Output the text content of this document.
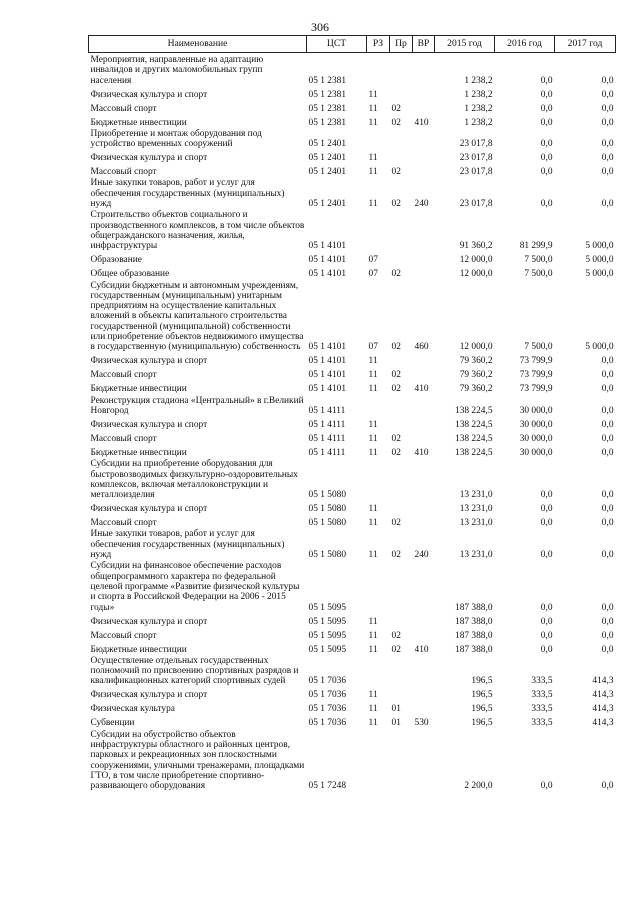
306
Наименование	ЦСТ	РЗ	Пр	ВР	2015 год	2016 год	2017 год
Мероприятия, направленные на адаптацию инвалидов и других маломобильных групп населения	05 1 2381				1 238,2	0,0	0,0
Физическая культура и спорт	05 1 2381	11			1 238,2	0,0	0,0
Массовый спорт	05 1 2381	11	02		1 238,2	0,0	0,0
Бюджетные инвестиции	05 1 2381	11	02	410	1 238,2	0,0	0,0
Приобретение и монтаж оборудования под устройство временных сооружений	05 1 2401				23 017,8	0,0	0,0
Физическая культура и спорт	05 1 2401	11			23 017,8	0,0	0,0
Массовый спорт	05 1 2401	11	02		23 017,8	0,0	0,0
Иные закупки товаров, работ и услуг для обеспечения государственных (муниципальных) нужд	05 1 2401	11	02	240	23 017,8	0,0	0,0
Строительство объектов социального и производственного комплексов, в том числе объектов общегражданского назначения, жилья, инфраструктуры	05 1 4101				91 360,2	81 299,9	5 000,0
Образование	05 1 4101	07			12 000,0	7 500,0	5 000,0
Общее образование	05 1 4101	07	02		12 000,0	7 500,0	5 000,0
Субсидии бюджетным и автономным учреждениям, государственным (муниципальным) унитарным предприятиям на осуществление капитальных вложений в объекты капитального строительства государственной (муниципальной) собственности или приобретение объектов недвижимого имущества в государственную (муниципальную) собственность	05 1 4101	07	02	460	12 000,0	7 500,0	5 000,0
Физическая культура и спорт	05 1 4101	11			79 360,2	73 799,9	0,0
Массовый спорт	05 1 4101	11	02		79 360,2	73 799,9	0,0
Бюджетные инвестиции	05 1 4101	11	02	410	79 360,2	73 799,9	0,0
Реконструкция стадиона «Центральный» в г.Великий Новгород	05 1 4111				138 224,5	30 000,0	0,0
Физическая культура и спорт	05 1 4111	11			138 224,5	30 000,0	0,0
Массовый спорт	05 1 4111	11	02		138 224,5	30 000,0	0,0
Бюджетные инвестиции	05 1 4111	11	02	410	138 224,5	30 000,0	0,0
Субсидии на приобретение оборудования для быстровозводимых физкультурно-оздоровительных комплексов, включая металлоконструкции и металлоизделия	05 1 5080				13 231,0	0,0	0,0
Физическая культура и спорт	05 1 5080	11			13 231,0	0,0	0,0
Массовый спорт	05 1 5080	11	02		13 231,0	0,0	0,0
Иные закупки товаров, работ и услуг для обеспечения государственных (муниципальных) нужд	05 1 5080	11	02	240	13 231,0	0,0	0,0
Субсидии на финансовое обеспечение расходов общепрограммного характера по федеральной целевой программе «Развитие физической культуры и спорта в Российской Федерации на 2006 - 2015 годы»	05 1 5095				187 388,0	0,0	0,0
Физическая культура и спорт	05 1 5095	11			187 388,0	0,0	0,0
Массовый спорт	05 1 5095	11	02		187 388,0	0,0	0,0
Бюджетные инвестиции	05 1 5095	11	02	410	187 388,0	0,0	0,0
Осуществление отдельных государственных полномочий по присвоению спортивных разрядов и квалификационных категорий спортивных судей	05 1 7036				196,5	333,5	414,3
Физическая культура и спорт	05 1 7036	11			196,5	333,5	414,3
Физическая культура	05 1 7036	11	01		196,5	333,5	414,3
Субвенции	05 1 7036	11	01	530	196,5	333,5	414,3
Субсидии на обустройство объектов инфраструктуры областного и районных центров, парковых и рекреационных зон плоскостными сооружениями, уличными тренажерами, площадками ГТО, в том числе приобретение спортивно-развивающего оборудования	05 1 7248				2 200,0	0,0	0,0
